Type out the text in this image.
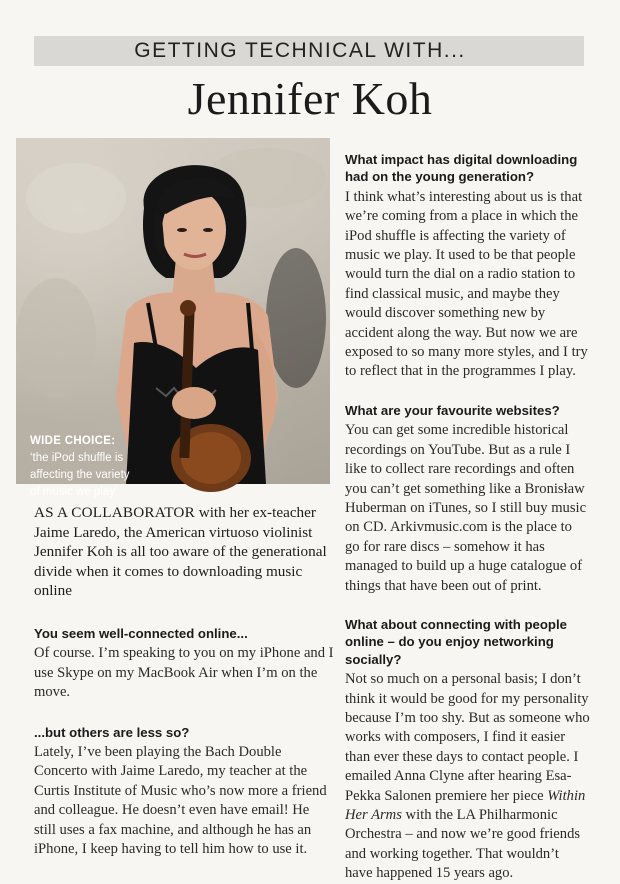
GETTING TECHNICAL WITH...
Jennifer Koh
WIDE CHOICE:
‘the iPod shuffle is
affecting the variety
of music we play’

AS A COLLABORATOR with her ex-teacher Jaime Laredo, the American virtuoso violinist Jennifer Koh is all too aware of the generational divide when it comes to downloading music online

You seem well-connected online...

Of course. I’m speaking to you on my iPhone and I use Skype on my MacBook Air when I’m on the move.

...but others are less so?

Lately, I’ve been playing the Bach Double Concerto with Jaime Laredo, my teacher at the Curtis Institute of Music who’s now more a friend and colleague. He doesn’t even have email! He still uses a fax machine, and although he has an iPhone, I keep having to tell him how to use it.

What impact has digital downloading had on the young generation?

I think what’s interesting about us is that we’re coming from a place in which the iPod shuffle is affecting the variety of music we play. It used to be that people would turn the dial on a radio station to find classical music, and maybe they would discover something new by accident along the way. But now we are exposed to so many more styles, and I try to reflect that in the programmes I play.

What are your favourite websites?

You can get some incredible historical recordings on YouTube. But as a rule I like to collect rare recordings and often you can’t get something like a Bronisław Huberman on iTunes, so I still buy music on CD. Arkivmusic.com is the place to go for rare discs – somehow it has managed to build up a huge catalogue of things that have been out of print.

What about connecting with people online – do you enjoy networking socially?

Not so much on a personal basis; I don’t think it would be good for my personality because I’m too shy. But as someone who works with composers, I find it easier than ever these days to contact people. I emailed Anna Clyne after hearing Esa-Pekka Salonen premiere her piece Within Her Arms with the LA Philharmonic Orchestra – and now we’re good friends and working together. That wouldn’t have happened 15 years ago.
